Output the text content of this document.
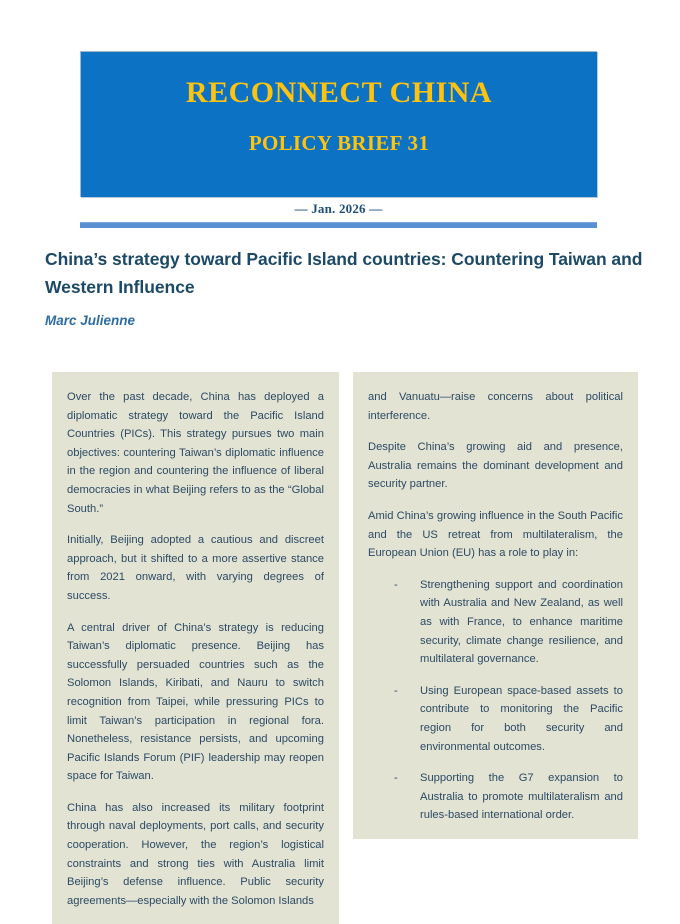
RECONNECT CHINA
POLICY BRIEF 31
— Jan. 2026 —
China’s strategy toward Pacific Island countries: Countering Taiwan and Western Influence
Marc Julienne

Over the past decade, China has deployed a diplomatic strategy toward the Pacific Island Countries (PICs). This strategy pursues two main objectives: countering Taiwan’s diplomatic influence in the region and countering the influence of liberal democracies in what Beijing refers to as the “Global South.”

Initially, Beijing adopted a cautious and discreet approach, but it shifted to a more assertive stance from 2021 onward, with varying degrees of success.

A central driver of China’s strategy is reducing Taiwan’s diplomatic presence. Beijing has successfully persuaded countries such as the Solomon Islands, Kiribati, and Nauru to switch recognition from Taipei, while pressuring PICs to limit Taiwan’s participation in regional fora. Nonetheless, resistance persists, and upcoming Pacific Islands Forum (PIF) leadership may reopen space for Taiwan.

China has also increased its military footprint through naval deployments, port calls, and security cooperation. However, the region’s logistical constraints and strong ties with Australia limit Beijing’s defense influence. Public security agreements—especially with the Solomon Islands

and Vanuatu—raise concerns about political interference.

Despite China’s growing aid and presence, Australia remains the dominant development and security partner.

Amid China’s growing influence in the South Pacific and the US retreat from multilateralism, the European Union (EU) has a role to play in:

- Strengthening support and coordination with Australia and New Zealand, as well as with France, to enhance maritime security, climate change resilience, and multilateral governance.
- Using European space-based assets to contribute to monitoring the Pacific region for both security and environmental outcomes.
- Supporting the G7 expansion to Australia to promote multilateralism and rules-based international order.
